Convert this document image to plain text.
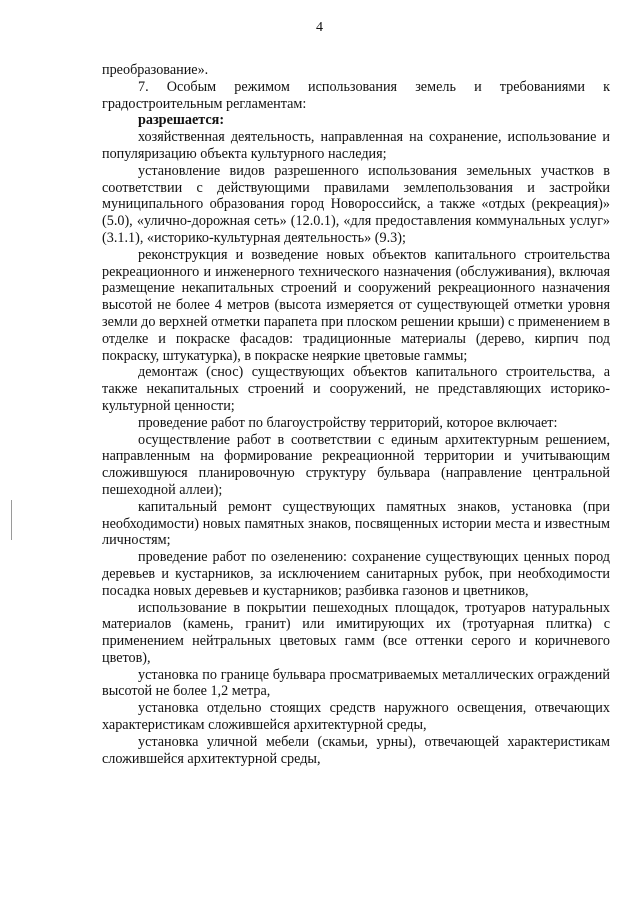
4

преобразование».

7. Особым режимом использования земель и требованиями к градостроительным регламентам:

разрешается:

хозяйственная деятельность, направленная на сохранение, использование и популяризацию объекта культурного наследия;

установление видов разрешенного использования земельных участков в соответствии с действующими правилами землепользования и застройки муниципального образования город Новороссийск, а также «отдых (рекреация)» (5.0), «улично-дорожная сеть» (12.0.1), «для предоставления коммунальных услуг» (3.1.1), «историко-культурная деятельность» (9.3);

реконструкция и возведение новых объектов капитального строительства рекреационного и инженерного технического назначения (обслуживания), включая размещение некапитальных строений и сооружений рекреационного назначения высотой не более 4 метров (высота измеряется от существующей отметки уровня земли до верхней отметки парапета при плоском решении крыши) с применением в отделке и покраске фасадов: традиционные материалы (дерево, кирпич под покраску, штукатурка), в покраске неяркие цветовые гаммы;

демонтаж (снос) существующих объектов капитального строительства, а также некапитальных строений и сооружений, не представляющих историко-культурной ценности;

проведение работ по благоустройству территорий, которое включает:

осуществление работ в соответствии с единым архитектурным решением, направленным на формирование рекреационной территории и учитывающим сложившуюся планировочную структуру бульвара (направление центральной пешеходной аллеи);

капитальный ремонт существующих памятных знаков, установка (при необходимости) новых памятных знаков, посвященных истории места и известным личностям;

проведение работ по озеленению: сохранение существующих ценных пород деревьев и кустарников, за исключением санитарных рубок, при необходимости посадка новых деревьев и кустарников; разбивка газонов и цветников,

использование в покрытии пешеходных площадок, тротуаров натуральных материалов (камень, гранит) или имитирующих их (тротуарная плитка) с применением нейтральных цветовых гамм (все оттенки серого и коричневого цветов),

установка по границе бульвара просматриваемых металлических ограждений высотой не более 1,2 метра,

установка отдельно стоящих средств наружного освещения, отвечающих характеристикам сложившейся архитектурной среды,

установка уличной мебели (скамьи, урны), отвечающей характеристикам сложившейся архитектурной среды,
